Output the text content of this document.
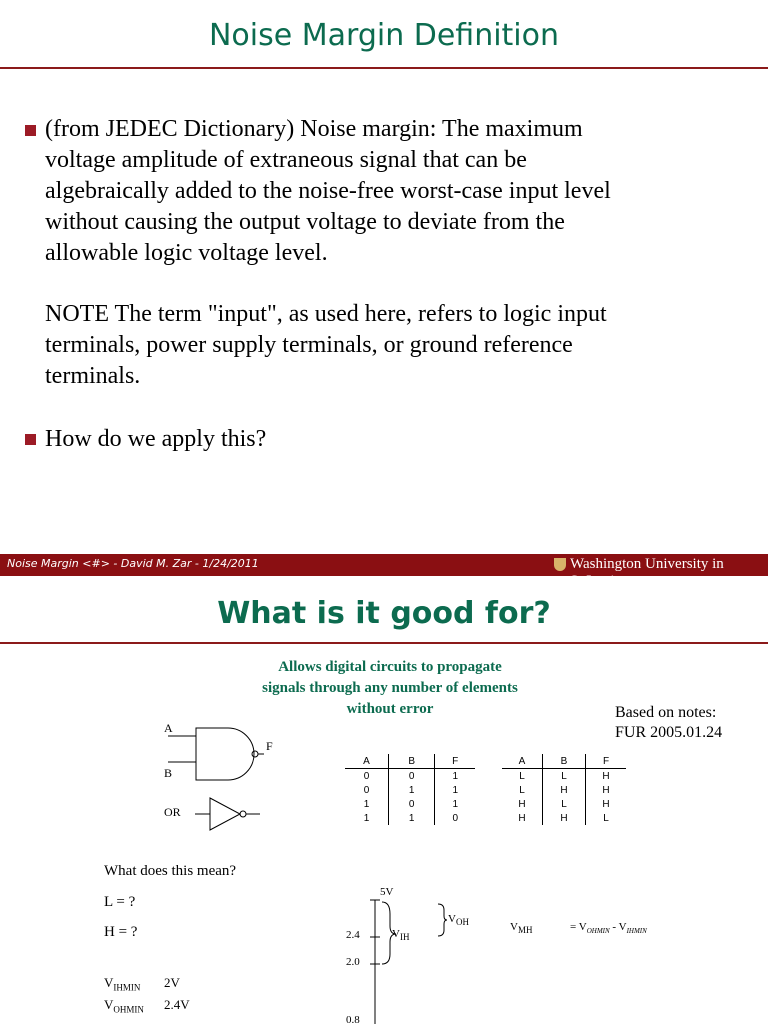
Noise Margin Definition
(from JEDEC Dictionary) Noise margin: The maximum
voltage amplitude of extraneous signal that can be
algebraically added to the noise-free worst-case input level
without causing the output voltage to deviate from the
allowable logic voltage level.
NOTE The term "input", as used here, refers to logic input
terminals, power supply terminals, or ground reference
terminals.
How do we apply this?
Noise Margin <#> - David M. Zar - 1/24/2011	Washington University in St.Louis
What is it good for?
Allows digital circuits to propagate
signals through any number of elements
without error	Based on notes:
FUR 2005.01.24
A
B
F
OR
A	B	F
0	0	1
0	1	1
1	0	1
1	1	0
A	B	F
L	L	H
L	H	H
H	L	H
H	H	L
What does this mean?
L = ?
H = ?
$V_{IHMIN}$ 2V
$V_{OHMIN}$ 2.4V
5V
2.4
2.0
0.8
$V_{IH}$
$V_{OH}$	$V_{MH}$	= $V_{OHMIN} - V_{IHMIN}$
